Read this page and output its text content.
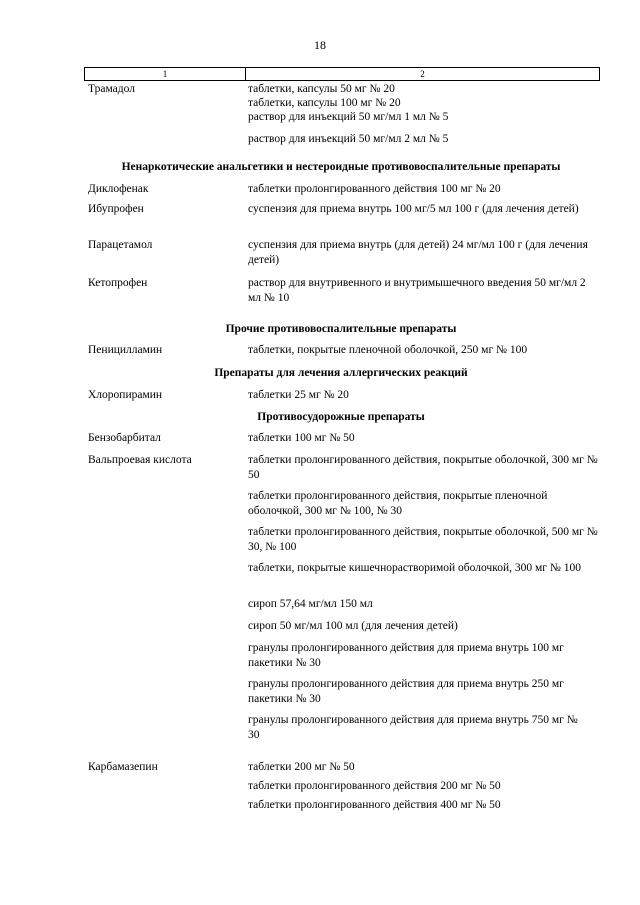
18
1	2
Трамадол	таблетки, капсулы 50 мг № 20
таблетки, капсулы 100 мг № 20
раствор для инъекций 50 мг/мл 1 мл № 5
раствор для инъекций 50 мг/мл 2 мл № 5
Ненаркотические анальгетики и нестероидные противовоспалительные препараты
Диклофенак	таблетки пролонгированного действия 100 мг № 20
Ибупрофен	суспензия для приема внутрь 100 мг/5 мл 100 г (для лечения детей)
Парацетамол	суспензия для приема внутрь (для детей) 24 мг/мл 100 г (для лечения детей)
Кетопрофен	раствор для внутривенного и внутримышечного введения 50 мг/мл 2 мл № 10
Прочие противовоспалительные препараты
Пеницилламин	таблетки, покрытые пленочной оболочкой, 250 мг № 100
Препараты для лечения аллергических реакций
Хлоропирамин	таблетки 25 мг № 20
Противосудорожные препараты
Бензобарбитал	таблетки 100 мг № 50
Вальпроевая кислота	таблетки пролонгированного действия, покрытые оболочкой, 300 мг № 50
таблетки пролонгированного действия, покрытые пленочной оболочкой, 300 мг № 100, № 30
таблетки пролонгированного действия, покрытые оболочкой, 500 мг № 30, № 100
таблетки, покрытые кишечнорастворимой оболочкой, 300 мг № 100
сироп 57,64 мг/мл 150 мл
сироп 50 мг/мл 100 мл (для лечения детей)
гранулы пролонгированного действия для приема внутрь 100 мг пакетики № 30
гранулы пролонгированного действия для приема внутрь 250 мг пакетики № 30
гранулы пролонгированного действия для приема внутрь 750 мг № 30
Карбамазепин	таблетки 200 мг № 50
таблетки пролонгированного действия 200 мг № 50
таблетки пролонгированного действия 400 мг № 50
